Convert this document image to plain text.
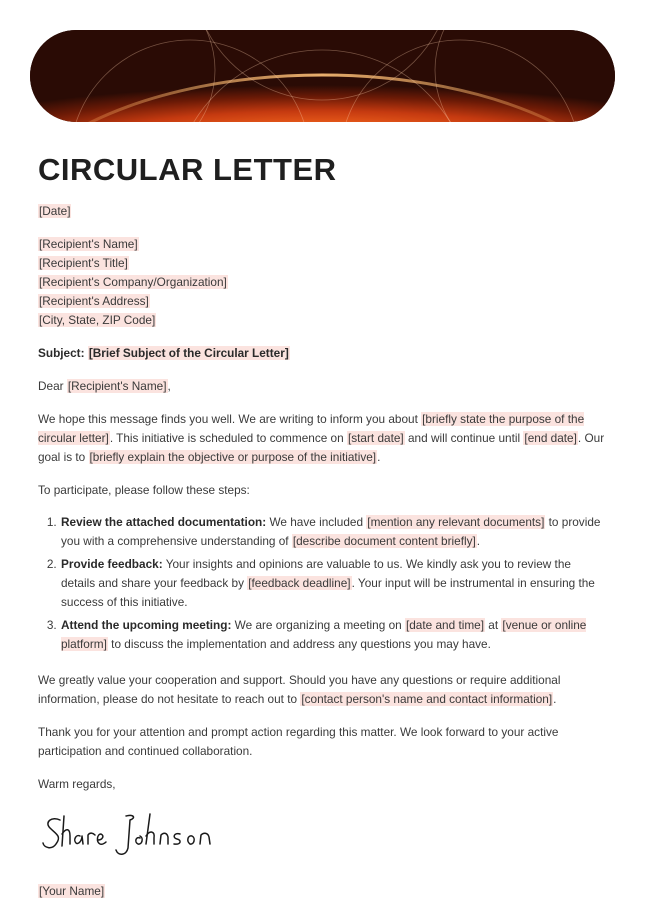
CIRCULAR LETTER
[Date]
[Recipient's Name]
[Recipient's Title]
[Recipient's Company/Organization]
[Recipient's Address]
[City, State, ZIP Code]
Subject: [Brief Subject of the Circular Letter]
Dear [Recipient's Name],
We hope this message finds you well. We are writing to inform you about [briefly state the purpose of the circular letter]. This initiative is scheduled to commence on [start date] and will continue until [end date]. Our goal is to [briefly explain the objective or purpose of the initiative].
To participate, please follow these steps:
1. Review the attached documentation: We have included [mention any relevant documents] to provide you with a comprehensive understanding of [describe document content briefly].
2. Provide feedback: Your insights and opinions are valuable to us. We kindly ask you to review the details and share your feedback by [feedback deadline]. Your input will be instrumental in ensuring the success of this initiative.
3. Attend the upcoming meeting: We are organizing a meeting on [date and time] at [venue or online platform] to discuss the implementation and address any questions you may have.
We greatly value your cooperation and support. Should you have any questions or require additional information, please do not hesitate to reach out to [contact person's name and contact information].
Thank you for your attention and prompt action regarding this matter. We look forward to your active participation and continued collaboration.
Warm regards,
[Your Name]
